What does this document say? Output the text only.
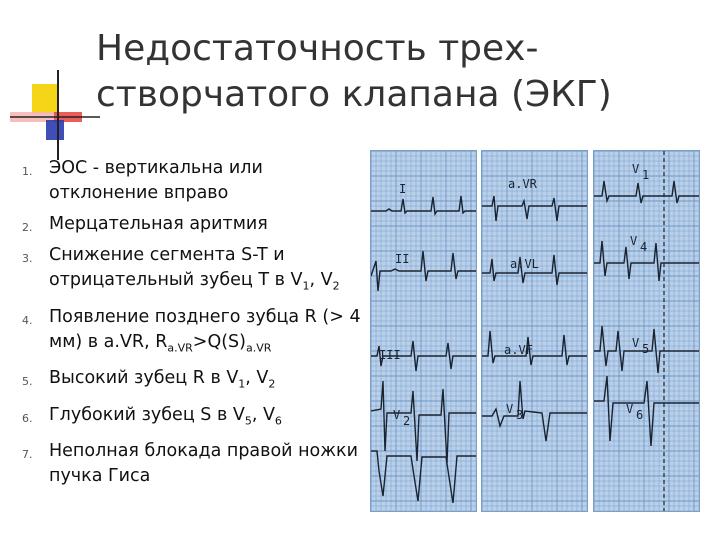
Недостаточность трех-
створчатого клапана (ЭКГ)
1. ЭОС - вертикальна или отклонение вправо
2. Мерцательная аритмия
3. Снижение сегмента S-T и отрицательный зубец Т в $V_1$, $V_2$
4. Появление позднего зубца R (> 4 мм) в a.VR, $R_{a.VR}>Q(S)_{a.VR}$
5. Высокий зубец R в $V_1$, $V_2$
6. Глубокий зубец S в $V_5$, $V_6$
7. Неполная блокада правой ножки пучка Гиса
I
II
III
V 2
a.VR
a.VL
a.VF
V 3
V 1
V 4
V 5
V 6
